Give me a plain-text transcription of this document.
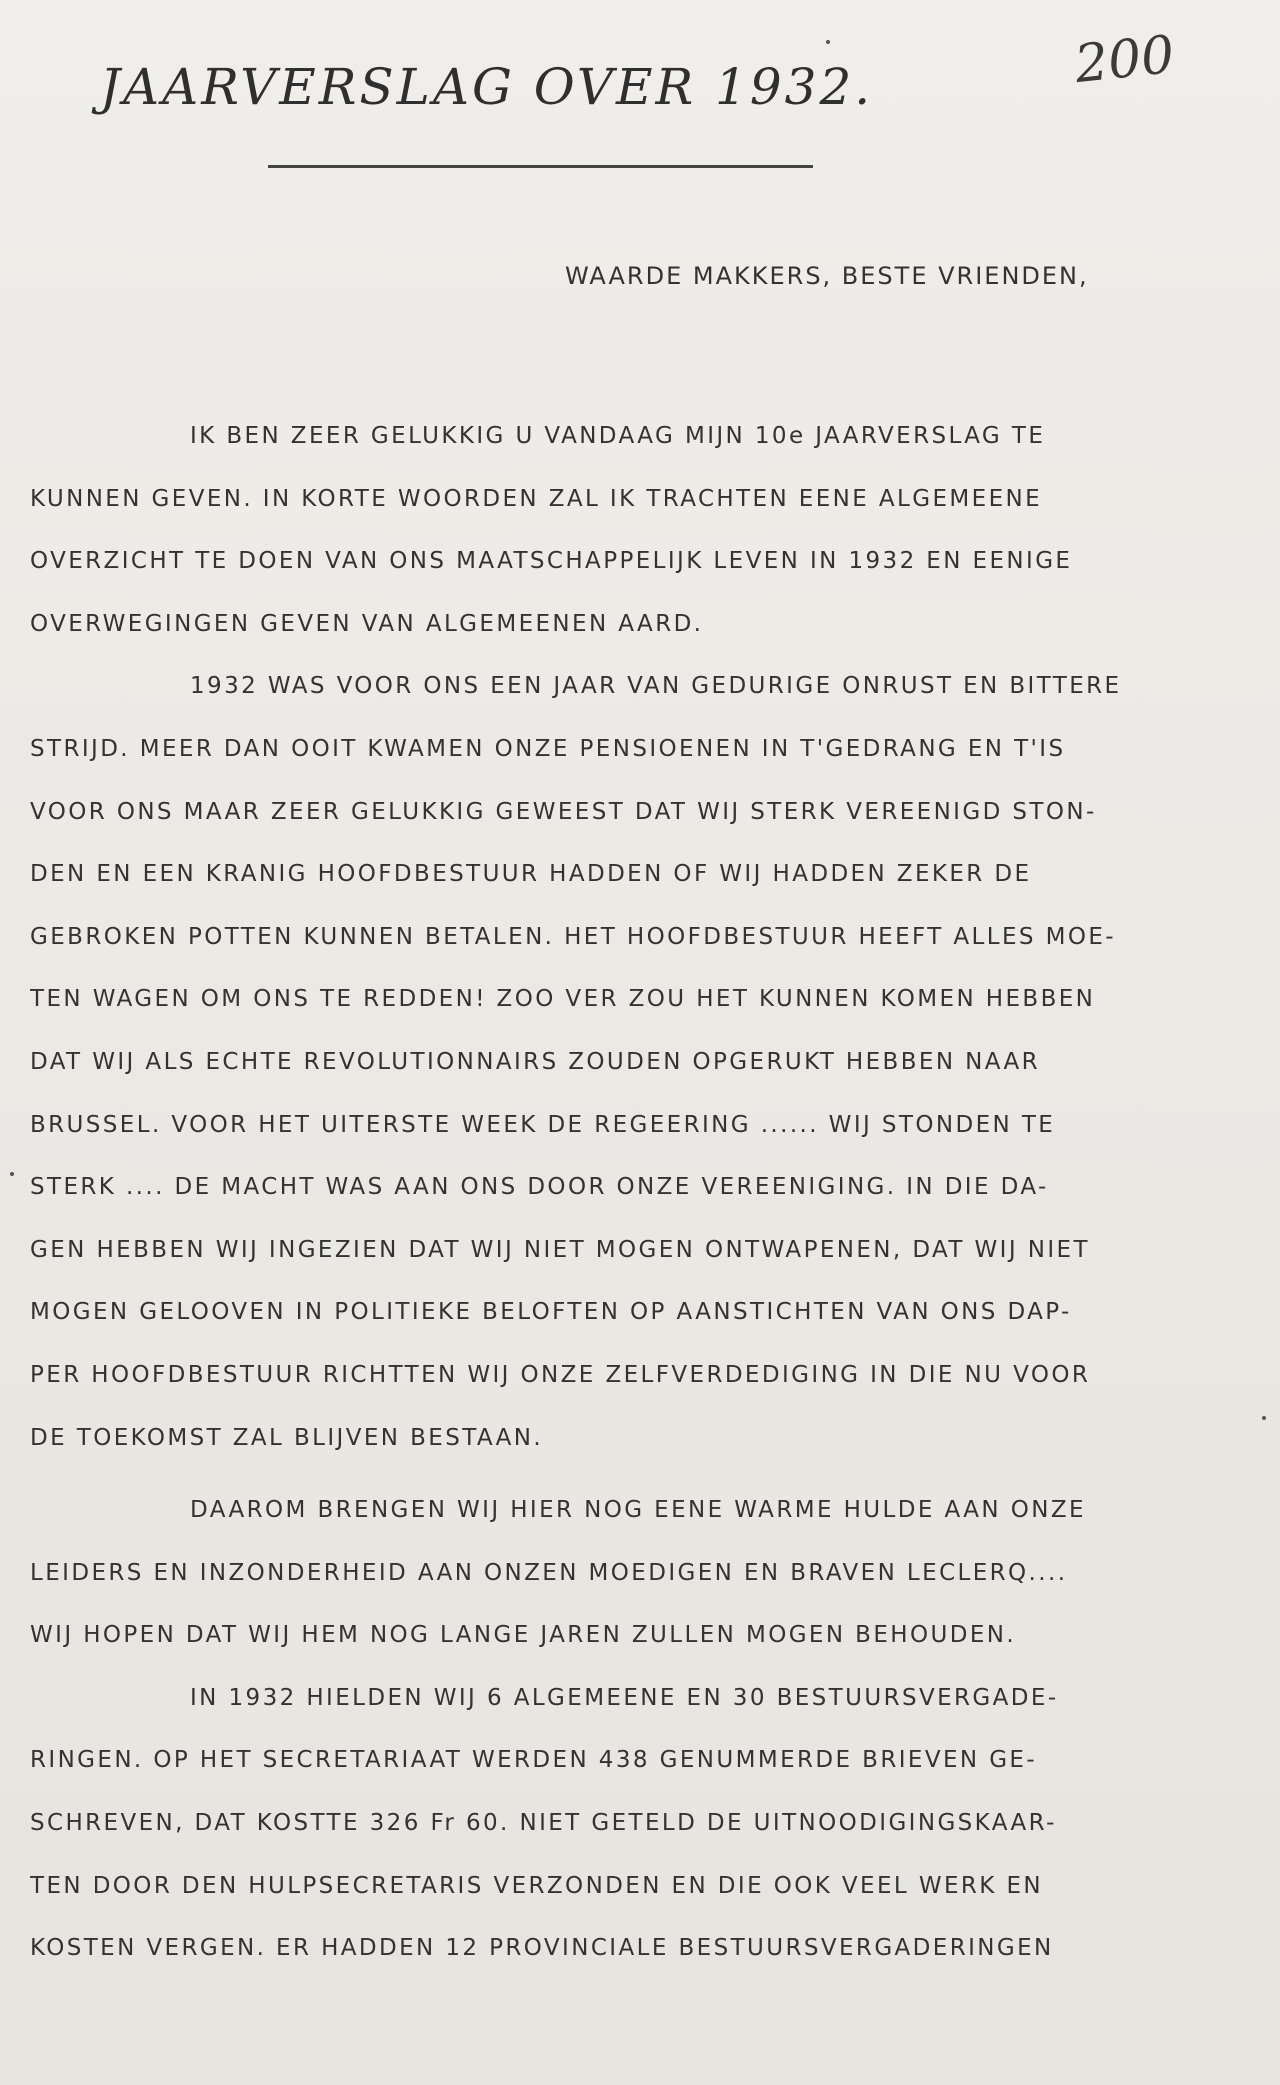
200
JAARVERSLAG OVER 1932.
WAARDE MAKKERS, BESTE VRIENDEN,
IK BEN ZEER GELUKKIG U VANDAAG MIJN 10e JAARVERSLAG TE
KUNNEN GEVEN. IN KORTE WOORDEN ZAL IK TRACHTEN EENE ALGEMEENE
OVERZICHT TE DOEN VAN ONS MAATSCHAPPELIJK LEVEN IN 1932 EN EENIGE
OVERWEGINGEN GEVEN VAN ALGEMEENEN AARD.
1932 WAS VOOR ONS EEN JAAR VAN GEDURIGE ONRUST EN BITTERE
STRIJD. MEER DAN OOIT KWAMEN ONZE PENSIOENEN IN T'GEDRANG EN T'IS
VOOR ONS MAAR ZEER GELUKKIG GEWEEST DAT WIJ STERK VEREENIGD STON-
DEN EN EEN KRANIG HOOFDBESTUUR HADDEN OF WIJ HADDEN ZEKER DE
GEBROKEN POTTEN KUNNEN BETALEN. HET HOOFDBESTUUR HEEFT ALLES MOE-
TEN WAGEN OM ONS TE REDDEN! ZOO VER ZOU HET KUNNEN KOMEN HEBBEN
DAT WIJ ALS ECHTE REVOLUTIONNAIRS ZOUDEN OPGERUKT HEBBEN NAAR
BRUSSEL. VOOR HET UITERSTE WEEK DE REGEERING ...... WIJ STONDEN TE
STERK .... DE MACHT WAS AAN ONS DOOR ONZE VEREENIGING. IN DIE DA-
GEN HEBBEN WIJ INGEZIEN DAT WIJ NIET MOGEN ONTWAPENEN, DAT WIJ NIET
MOGEN GELOOVEN IN POLITIEKE BELOFTEN OP AANSTICHTEN VAN ONS DAP-
PER HOOFDBESTUUR RICHTTEN WIJ ONZE ZELFVERDEDIGING IN DIE NU VOOR
DE TOEKOMST ZAL BLIJVEN BESTAAN.
DAAROM BRENGEN WIJ HIER NOG EENE WARME HULDE AAN ONZE
LEIDERS EN INZONDERHEID AAN ONZEN MOEDIGEN EN BRAVEN LECLERQ....
WIJ HOPEN DAT WIJ HEM NOG LANGE JAREN ZULLEN MOGEN BEHOUDEN.
IN 1932 HIELDEN WIJ 6 ALGEMEENE EN 30 BESTUURSVERGADE-
RINGEN. OP HET SECRETARIAAT WERDEN 438 GENUMMERDE BRIEVEN GE-
SCHREVEN, DAT KOSTTE 326 Fr 60. NIET GETELD DE UITNOODIGINGSKAAR-
TEN DOOR DEN HULPSECRETARIS VERZONDEN EN DIE OOK VEEL WERK EN
KOSTEN VERGEN. ER HADDEN 12 PROVINCIALE BESTUURSVERGADERINGEN
